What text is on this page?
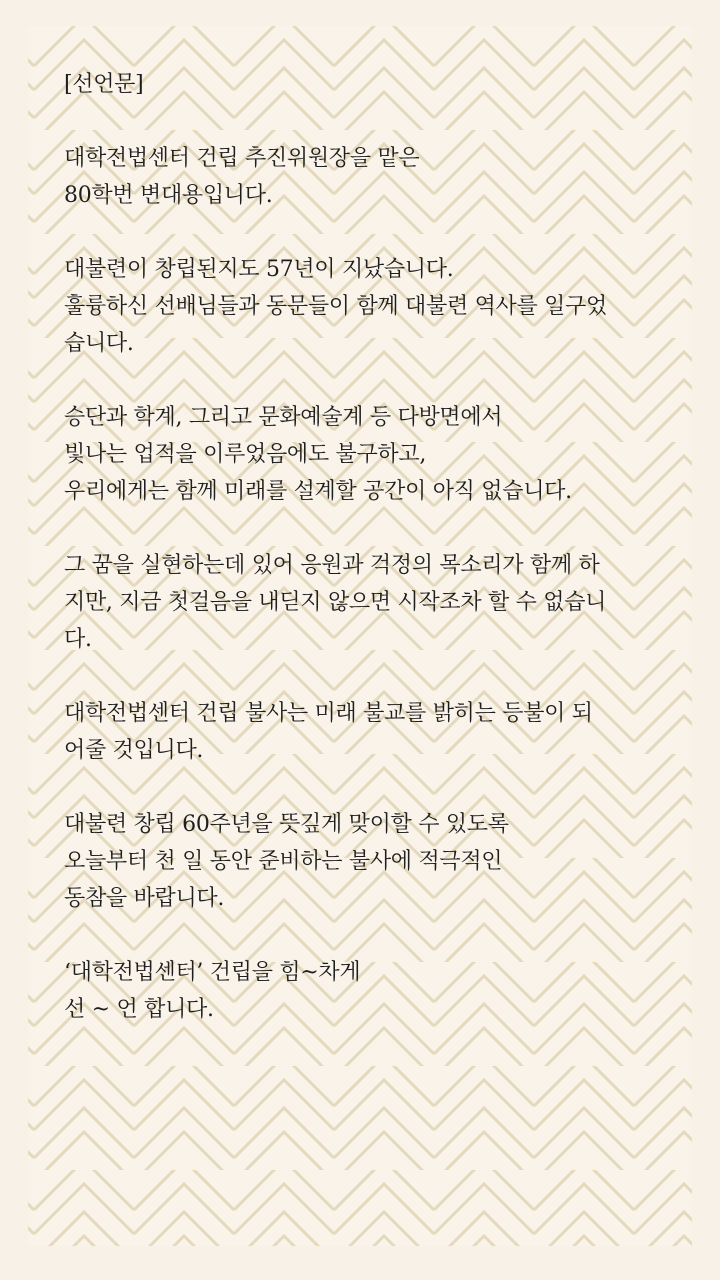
[선언문]
대학전법센터 건립 추진위원장을 맡은
80학번 변대용입니다.
대불련이 창립된지도 57년이 지났습니다.
훌륭하신 선배님들과 동문들이 함께 대불련 역사를 일구었
습니다.
승단과 학계, 그리고 문화예술계 등 다방면에서
빛나는 업적을 이루었음에도 불구하고,
우리에게는 함께 미래를 설계할 공간이 아직 없습니다.
그 꿈을 실현하는데 있어 응원과 걱정의 목소리가 함께 하
지만, 지금 첫걸음을 내딛지 않으면 시작조차 할 수 없습니
다.
대학전법센터 건립 불사는 미래 불교를 밝히는 등불이 되
어줄 것입니다.
대불련 창립 60주년을 뜻깊게 맞이할 수 있도록
오늘부터 천 일 동안 준비하는 불사에 적극적인
동참을 바랍니다.
‘대학전법센터’ 건립을 힘~차게
선 ~ 언 합니다.
